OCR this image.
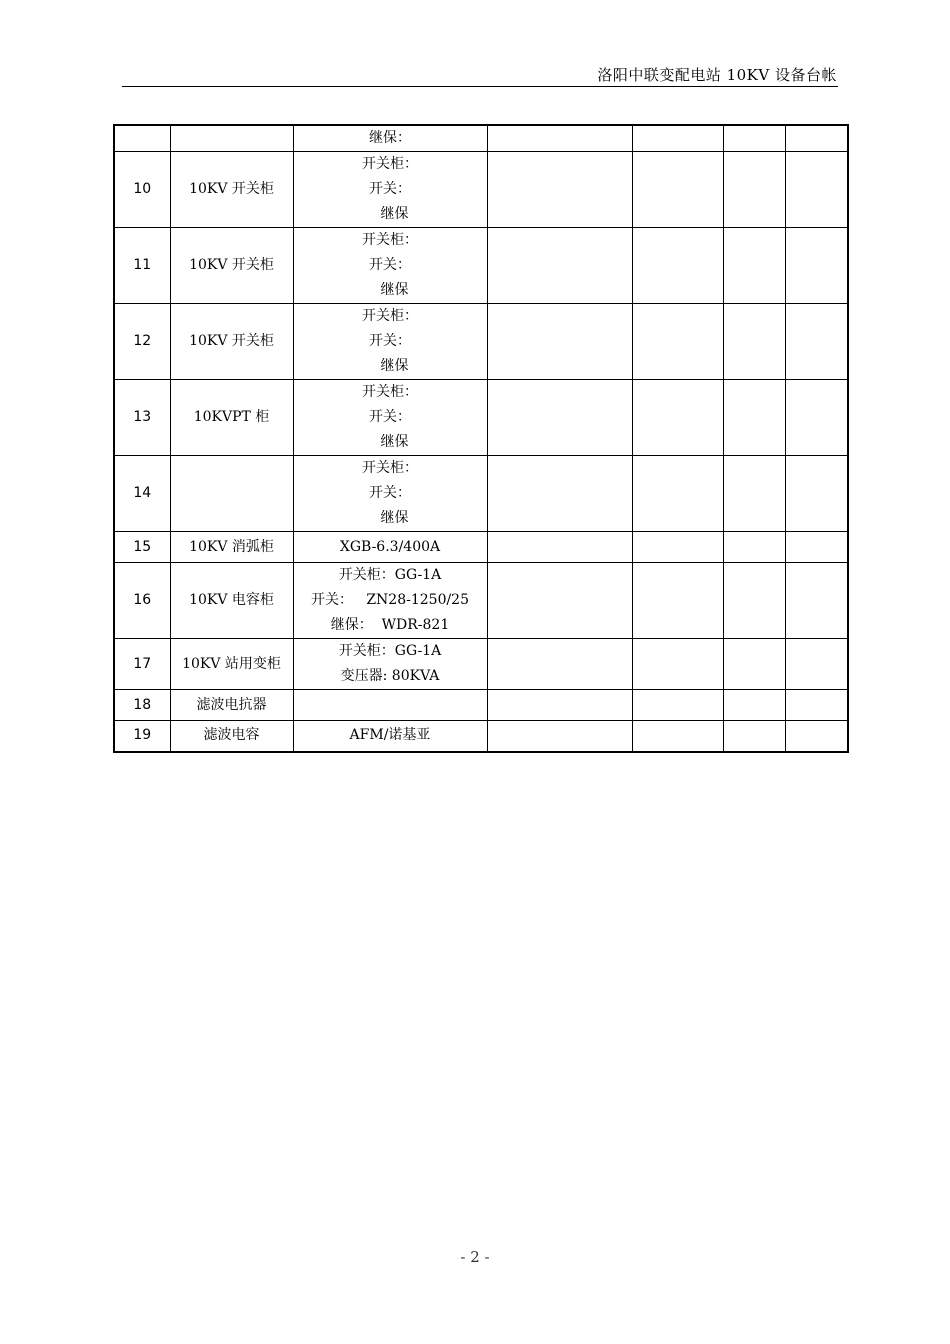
洛阳中联变配电站 10KV 设备台帐

		继保：				

10	10KV 开关柜	开关柜：
开关：
继保				

11	10KV 开关柜	开关柜：
开关：
继保				

12	10KV 开关柜	开关柜：
开关：
继保				

13	10KVPT 柜	开关柜：
开关：
继保				

14		开关柜：
开关：
继保				

15	10KV 消弧柜	XGB-6.3/400A				

16	10KV 电容柜	开关柜：GG-1A
开关：   ZN28-1250/25
继保：  WDR-821				

17	10KV 站用变柜	开关柜：GG-1A
变压器: 80KVA				

18	滤波电抗器	

19	滤波电容	AFM/诺基亚				

- 2 -
